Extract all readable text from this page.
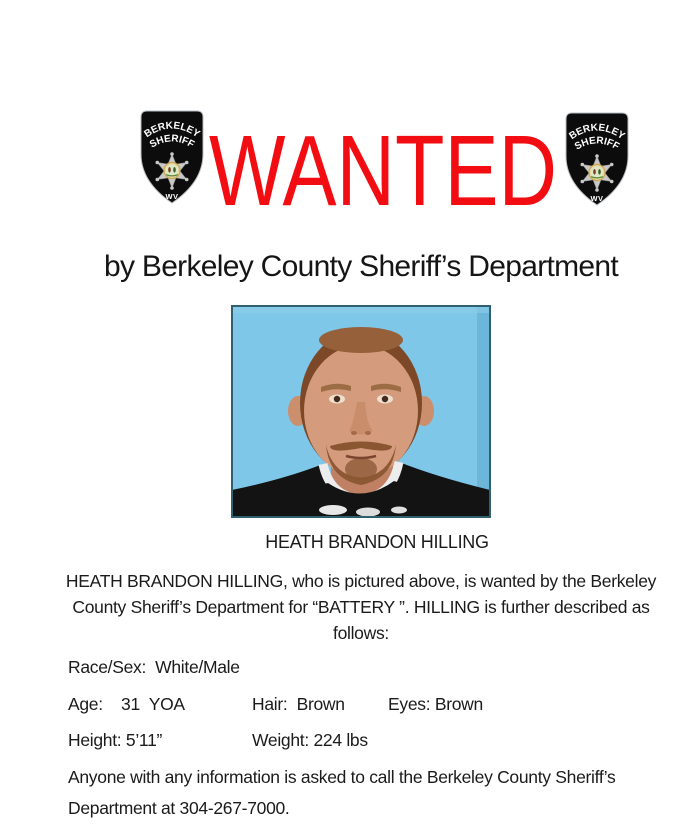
BERKELEY
SHERIFF
WV WANTED BERKELEY
SHERIFF
WV
by Berkeley County Sheriff’s Department
HEATH BRANDON HILLING
HEATH BRANDON HILLING, who is pictured above, is wanted by the Berkeley County Sheriff’s Department for “BATTERY ”. HILLING is further described as follows:
Race/Sex:  White/Male
Age:    31  YOA	Hair:  Brown Eyes: Brown
Height: 5’11”	Weight: 224 lbs
Anyone with any information is asked to call the Berkeley County Sheriff’s Department at 304-267-7000.
